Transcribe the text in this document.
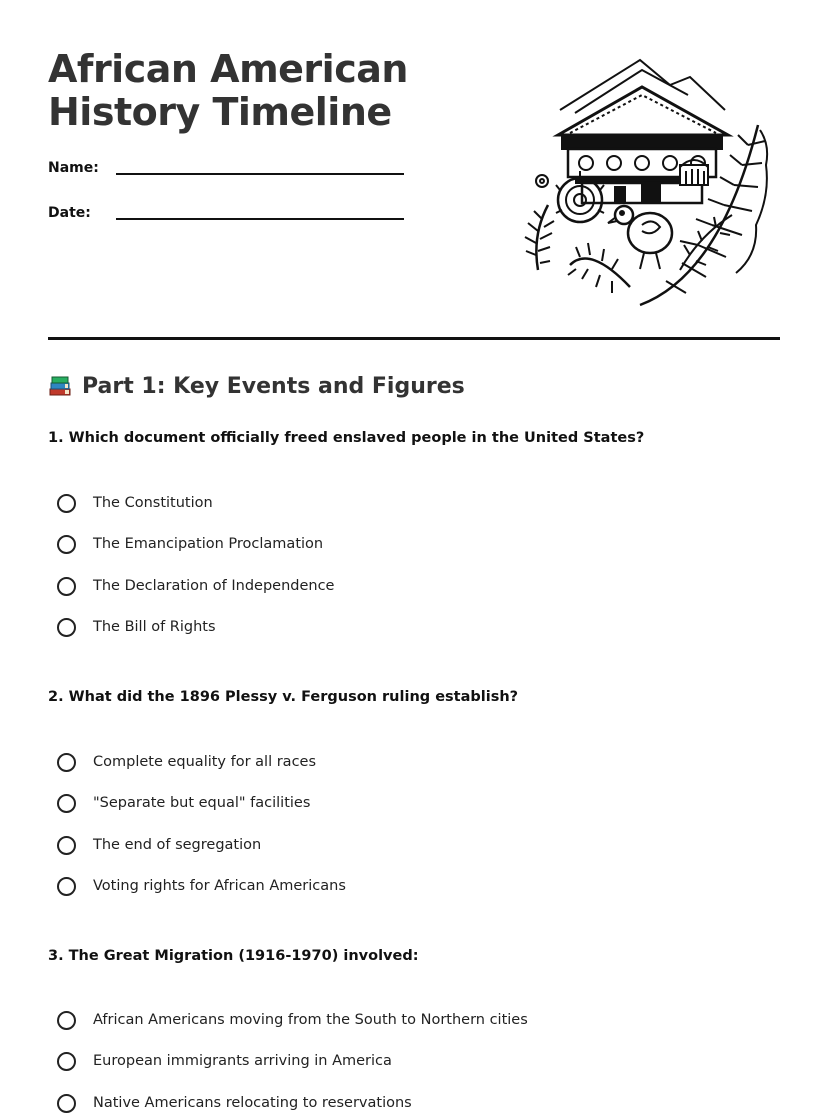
African American
History Timeline
Name:
Date:
Part 1: Key Events and Figures

1. Which document officially freed enslaved people in the United States?

The Constitution
The Emancipation Proclamation
The Declaration of Independence
The Bill of Rights

2. What did the 1896 Plessy v. Ferguson ruling establish?

Complete equality for all races
"Separate but equal" facilities
The end of segregation
Voting rights for African Americans

3. The Great Migration (1916-1970) involved:

African Americans moving from the South to Northern cities
European immigrants arriving in America
Native Americans relocating to reservations
